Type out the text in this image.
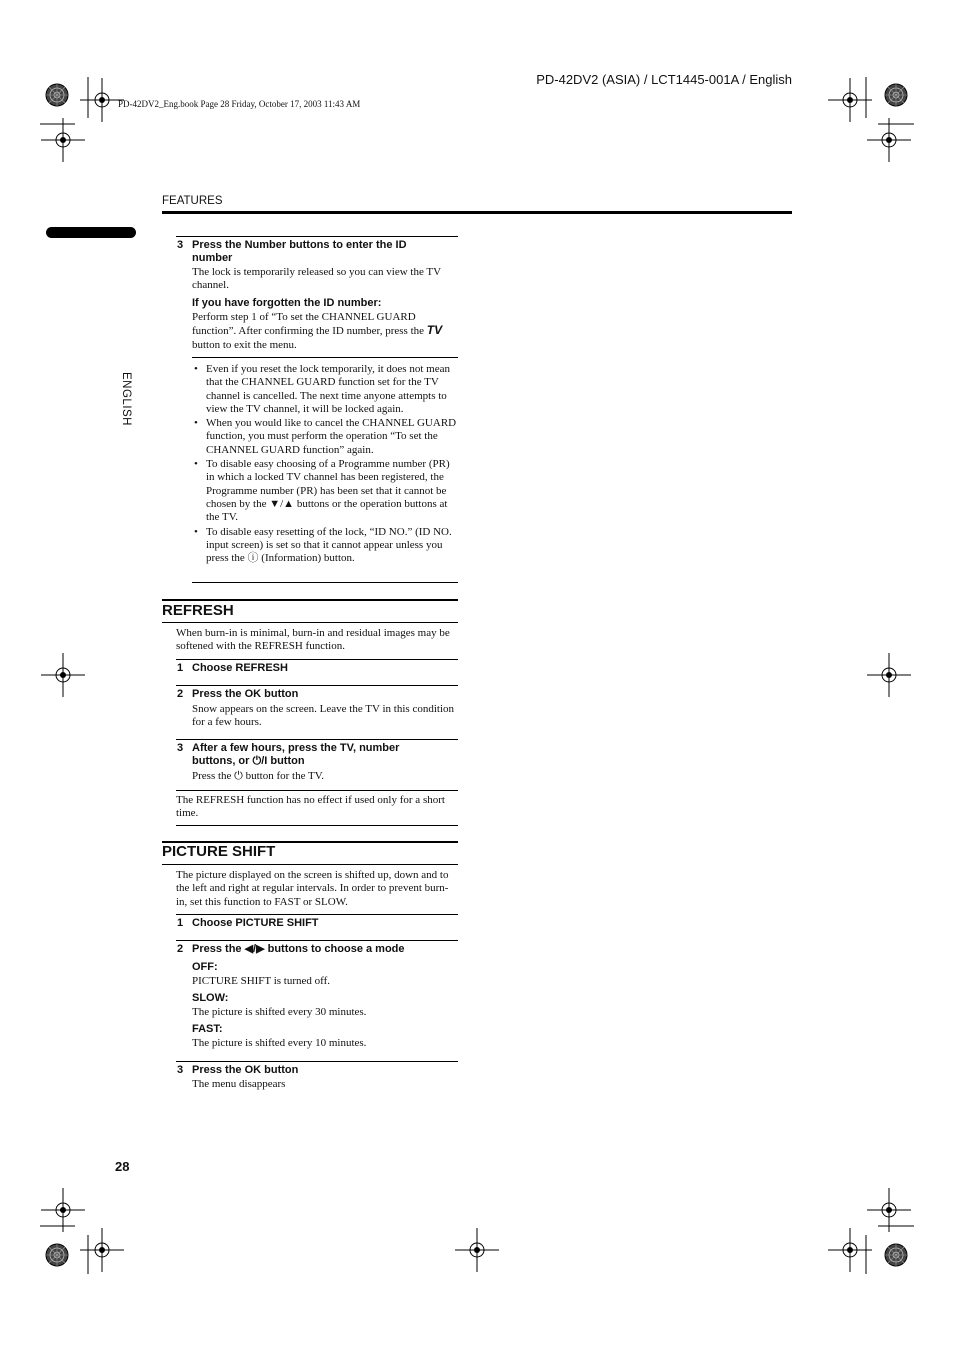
PD-42DV2 (ASIA) / LCT1445-001A / English
PD-42DV2_Eng.book Page 28 Friday, October 17, 2003 11:43 AM
FEATURES
ENGLISH
3 Press the Number buttons to enter the ID number
The lock is temporarily released so you can view the TV channel.
If you have forgotten the ID number:
Perform step 1 of “To set the CHANNEL GUARD function”. After confirming the ID number, press the TV button to exit the menu.
• Even if you reset the lock temporarily, it does not mean that the CHANNEL GUARD function set for the TV channel is cancelled. The next time anyone attempts to view the TV channel, it will be locked again.
• When you would like to cancel the CHANNEL GUARD function, you must perform the operation “To set the CHANNEL GUARD function” again.
• To disable easy choosing of a Programme number (PR) in which a locked TV channel has been registered, the Programme number (PR) has been set that it cannot be chosen by the ▼/▲ buttons or the operation buttons at the TV.
• To disable easy resetting of the lock, “ID NO.” (ID NO. input screen) is set so that it cannot appear unless you press the ⓘ (Information) button.
REFRESH
When burn-in is minimal, burn-in and residual images may be softened with the REFRESH function.
1 Choose REFRESH
2 Press the OK button
Snow appears on the screen. Leave the TV in this condition for a few hours.
3 After a few hours, press the TV, number buttons, or ⏻/I button
Press the ⏻ button for the TV.
The REFRESH function has no effect if used only for a short time.
PICTURE SHIFT
The picture displayed on the screen is shifted up, down and to the left and right at regular intervals. In order to prevent burn-in, set this function to FAST or SLOW.
1 Choose PICTURE SHIFT
2 Press the ◀/▶ buttons to choose a mode
OFF:
PICTURE SHIFT is turned off.
SLOW:
The picture is shifted every 30 minutes.
FAST:
The picture is shifted every 10 minutes.
3 Press the OK button
The menu disappears
28
